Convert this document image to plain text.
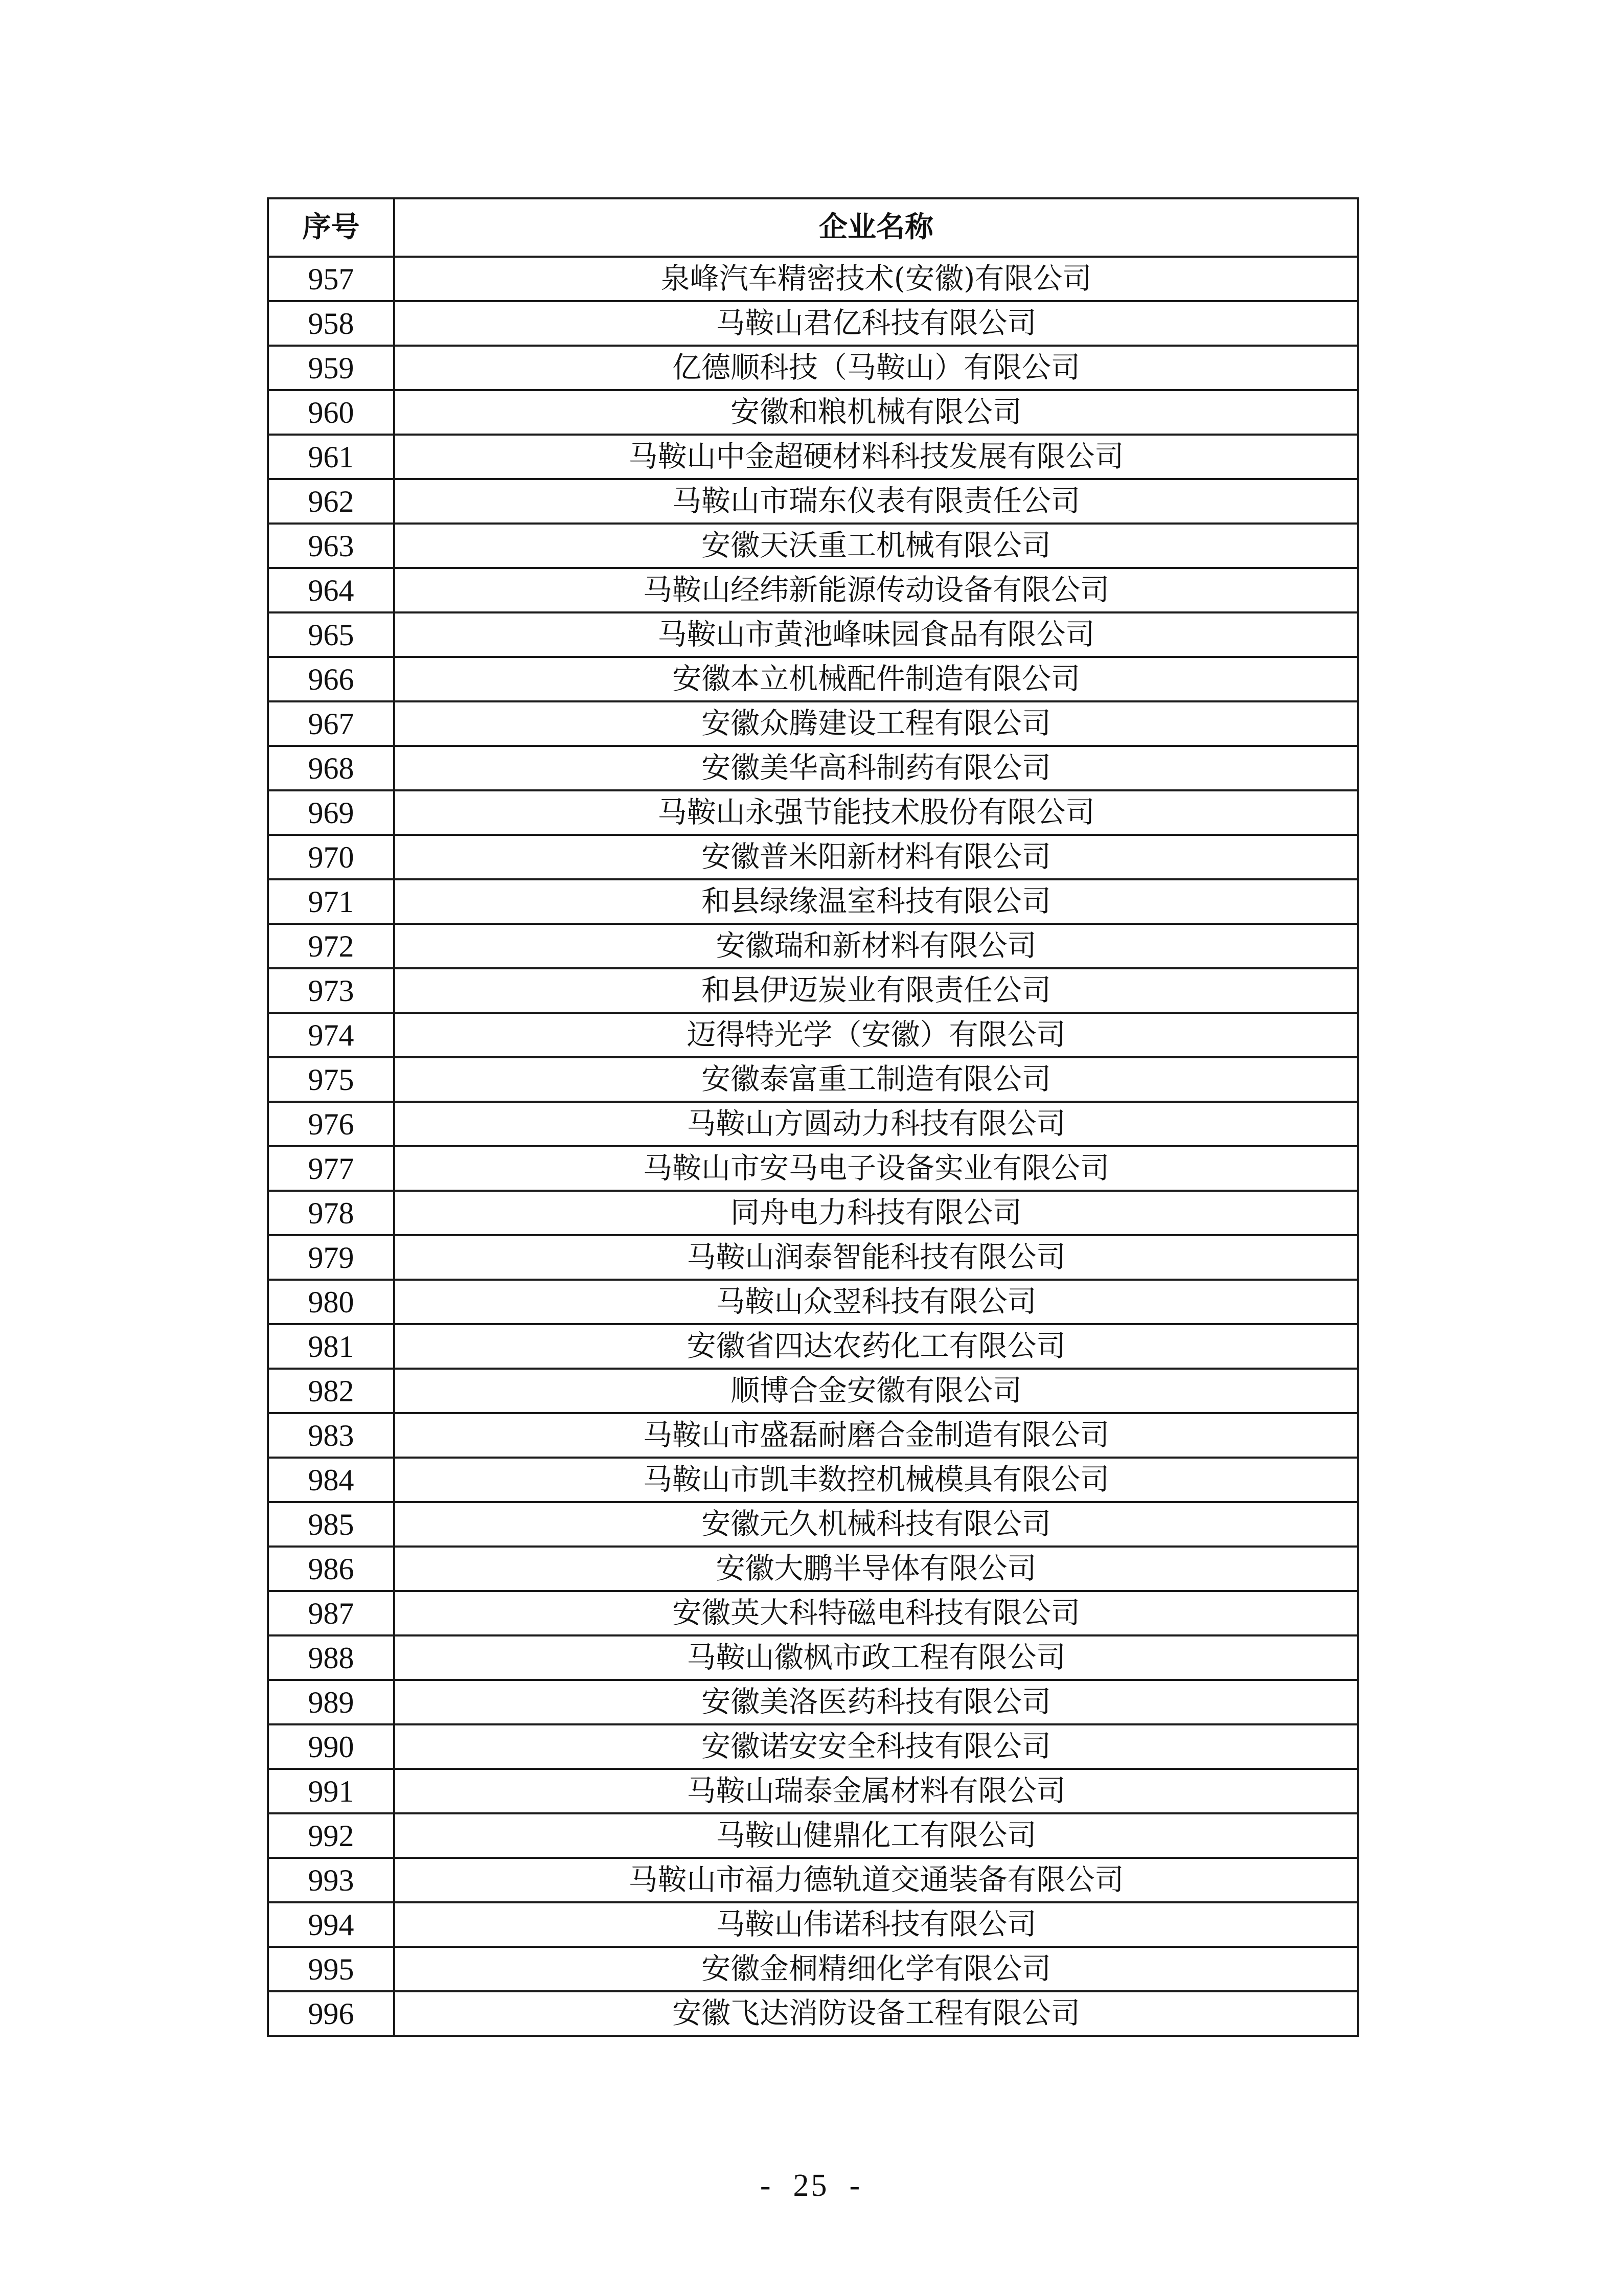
序号	企业名称
957	泉峰汽车精密技术(安徽)有限公司
958	马鞍山君亿科技有限公司
959	亿德顺科技（马鞍山）有限公司
960	安徽和粮机械有限公司
961	马鞍山中金超硬材料科技发展有限公司
962	马鞍山市瑞东仪表有限责任公司
963	安徽天沃重工机械有限公司
964	马鞍山经纬新能源传动设备有限公司
965	马鞍山市黄池峰味园食品有限公司
966	安徽本立机械配件制造有限公司
967	安徽众腾建设工程有限公司
968	安徽美华高科制药有限公司
969	马鞍山永强节能技术股份有限公司
970	安徽普米阳新材料有限公司
971	和县绿缘温室科技有限公司
972	安徽瑞和新材料有限公司
973	和县伊迈炭业有限责任公司
974	迈得特光学（安徽）有限公司
975	安徽泰富重工制造有限公司
976	马鞍山方圆动力科技有限公司
977	马鞍山市安马电子设备实业有限公司
978	同舟电力科技有限公司
979	马鞍山润泰智能科技有限公司
980	马鞍山众翌科技有限公司
981	安徽省四达农药化工有限公司
982	顺博合金安徽有限公司
983	马鞍山市盛磊耐磨合金制造有限公司
984	马鞍山市凯丰数控机械模具有限公司
985	安徽元久机械科技有限公司
986	安徽大鹏半导体有限公司
987	安徽英大科特磁电科技有限公司
988	马鞍山徽枫市政工程有限公司
989	安徽美洛医药科技有限公司
990	安徽诺安安全科技有限公司
991	马鞍山瑞泰金属材料有限公司
992	马鞍山健鼎化工有限公司
993	马鞍山市福力德轨道交通装备有限公司
994	马鞍山伟诺科技有限公司
995	安徽金桐精细化学有限公司
996	安徽飞达消防设备工程有限公司
- 25 -
